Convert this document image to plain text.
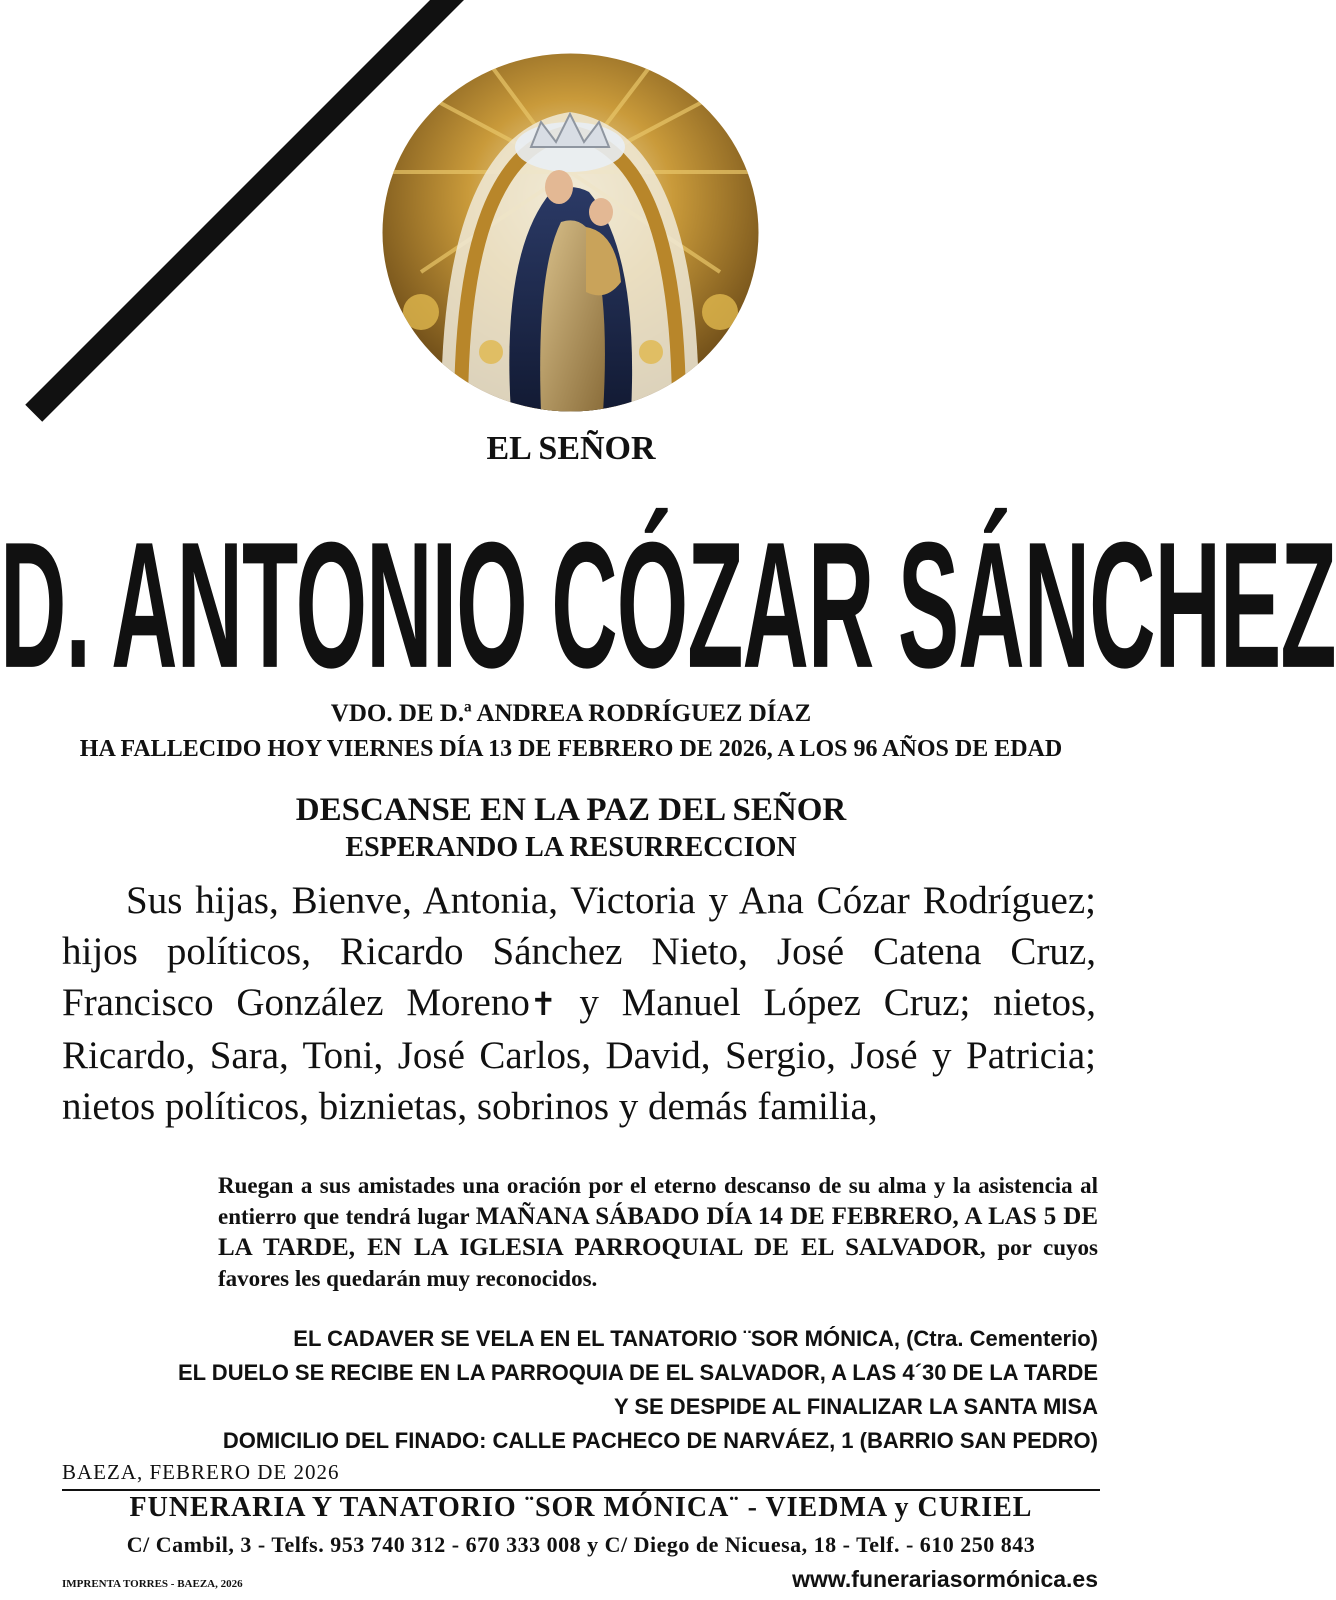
EL SEÑOR
D. ANTONIO CÓZAR SÁNCHEZ
VDO. DE D.ª ANDREA RODRÍGUEZ DÍAZ
HA FALLECIDO HOY VIERNES DÍA 13 DE FEBRERO DE 2026, A LOS 96 AÑOS DE EDAD
DESCANSE EN LA PAZ DEL SEÑOR
ESPERANDO LA RESURRECCION
Sus hijas, Bienve, Antonia, Victoria y Ana Cózar Rodríguez; hijos políticos, Ricardo Sánchez Nieto, José Catena Cruz, Francisco González Moreno✝ y Manuel López Cruz; nietos, Ricardo, Sara, Toni, José Carlos, David, Sergio, José y Patricia; nietos políticos, biznietas, sobrinos y demás familia,
Ruegan a sus amistades una oración por el eterno descanso de su alma y la asistencia al entierro que tendrá lugar MAÑANA SÁBADO DÍA 14 DE FEBRERO, A LAS 5 DE LA TARDE, EN LA IGLESIA PARROQUIAL DE EL SALVADOR, por cuyos favores les quedarán muy reconocidos.
EL CADAVER SE VELA EN EL TANATORIO ¨SOR MÓNICA, (Ctra. Cementerio)
EL DUELO SE RECIBE EN LA PARROQUIA DE EL SALVADOR, A LAS 4´30 DE LA TARDE
Y SE DESPIDE AL FINALIZAR LA SANTA MISA
DOMICILIO DEL FINADO: CALLE PACHECO DE NARVÁEZ, 1 (BARRIO SAN PEDRO)
BAEZA, FEBRERO DE 2026
FUNERARIA Y TANATORIO ¨SOR MÓNICA¨ - VIEDMA y CURIEL
C/ Cambil, 3 - Telfs. 953 740 312 - 670 333 008 y C/ Diego de Nicuesa, 18 - Telf. - 610 250 843
IMPRENTA TORRES - BAEZA, 2026	www.funerariasormónica.es
